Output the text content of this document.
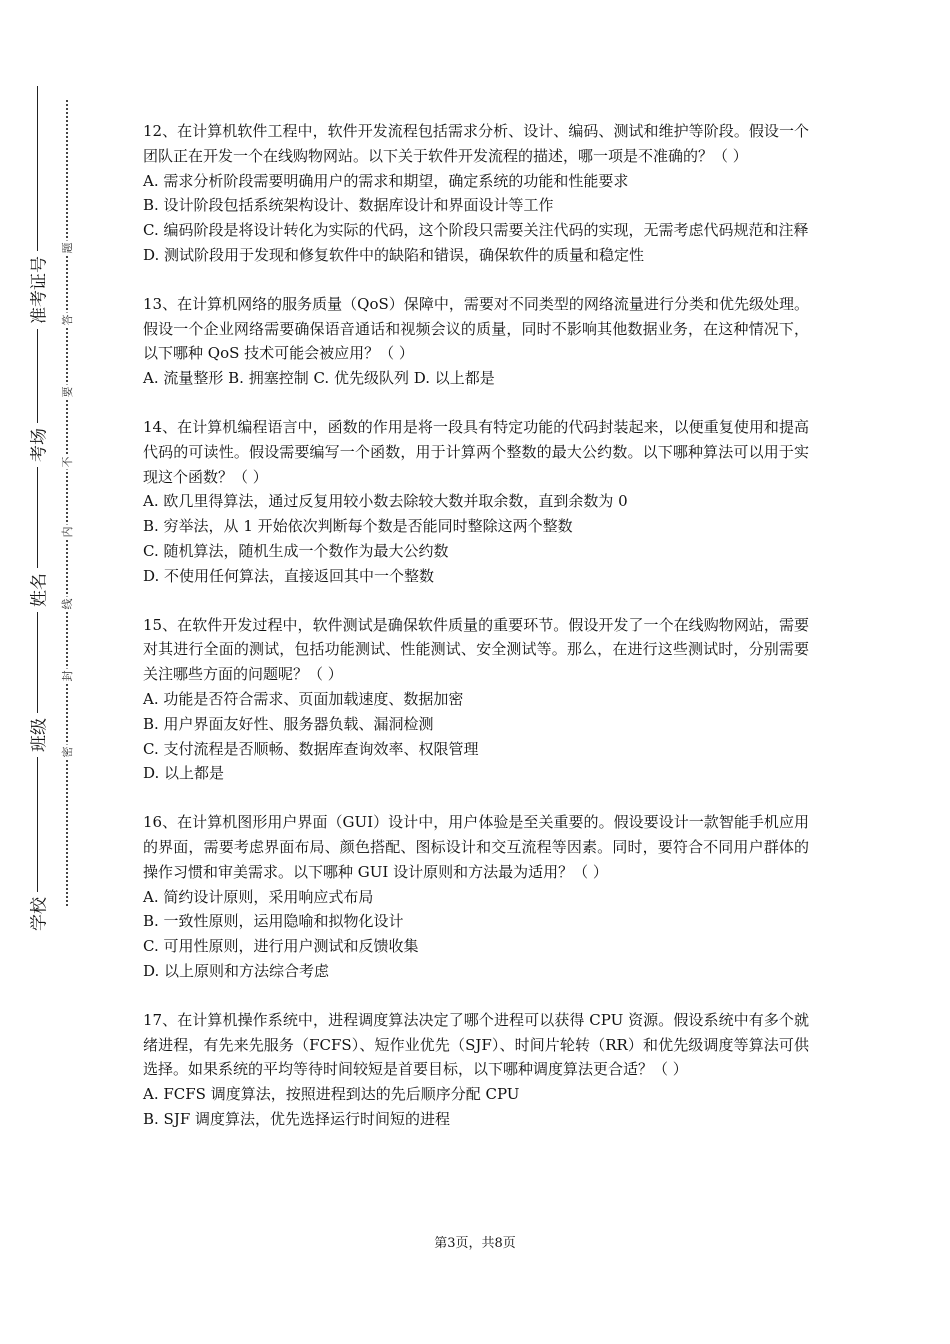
学校
班级
姓名
考场
准考证号
密
封
线
内
不
要
答
题
12、在计算机软件工程中，软件开发流程包括需求分析、设计、编码、测试和维护等阶段。假设一个团队正在开发一个在线购物网站。以下关于软件开发流程的描述，哪一项是不准确的？（ ）
A. 需求分析阶段需要明确用户的需求和期望，确定系统的功能和性能要求
B. 设计阶段包括系统架构设计、数据库设计和界面设计等工作
C. 编码阶段是将设计转化为实际的代码，这个阶段只需要关注代码的实现，无需考虑代码规范和注释
D. 测试阶段用于发现和修复软件中的缺陷和错误，确保软件的质量和稳定性
13、在计算机网络的服务质量（QoS）保障中，需要对不同类型的网络流量进行分类和优先级处理。假设一个企业网络需要确保语音通话和视频会议的质量，同时不影响其他数据业务，在这种情况下，以下哪种 QoS 技术可能会被应用？（ ）
A. 流量整形 B. 拥塞控制 C. 优先级队列 D. 以上都是
14、在计算机编程语言中，函数的作用是将一段具有特定功能的代码封装起来，以便重复使用和提高代码的可读性。假设需要编写一个函数，用于计算两个整数的最大公约数。以下哪种算法可以用于实现这个函数？（ ）
A. 欧几里得算法，通过反复用较小数去除较大数并取余数，直到余数为 0
B. 穷举法，从 1 开始依次判断每个数是否能同时整除这两个整数
C. 随机算法，随机生成一个数作为最大公约数
D. 不使用任何算法，直接返回其中一个整数
15、在软件开发过程中，软件测试是确保软件质量的重要环节。假设开发了一个在线购物网站，需要对其进行全面的测试，包括功能测试、性能测试、安全测试等。那么，在进行这些测试时，分别需要关注哪些方面的问题呢？（ ）
A. 功能是否符合需求、页面加载速度、数据加密
B. 用户界面友好性、服务器负载、漏洞检测
C. 支付流程是否顺畅、数据库查询效率、权限管理
D. 以上都是
16、在计算机图形用户界面（GUI）设计中，用户体验是至关重要的。假设要设计一款智能手机应用的界面，需要考虑界面布局、颜色搭配、图标设计和交互流程等因素。同时，要符合不同用户群体的操作习惯和审美需求。以下哪种 GUI 设计原则和方法最为适用？（ ）
A. 简约设计原则，采用响应式布局
B. 一致性原则，运用隐喻和拟物化设计
C. 可用性原则，进行用户测试和反馈收集
D. 以上原则和方法综合考虑
17、在计算机操作系统中，进程调度算法决定了哪个进程可以获得 CPU 资源。假设系统中有多个就绪进程，有先来先服务（FCFS）、短作业优先（SJF）、时间片轮转（RR）和优先级调度等算法可供选择。如果系统的平均等待时间较短是首要目标，以下哪种调度算法更合适？（ ）
A. FCFS 调度算法，按照进程到达的先后顺序分配 CPU
B. SJF 调度算法，优先选择运行时间短的进程
第3页，共8页
